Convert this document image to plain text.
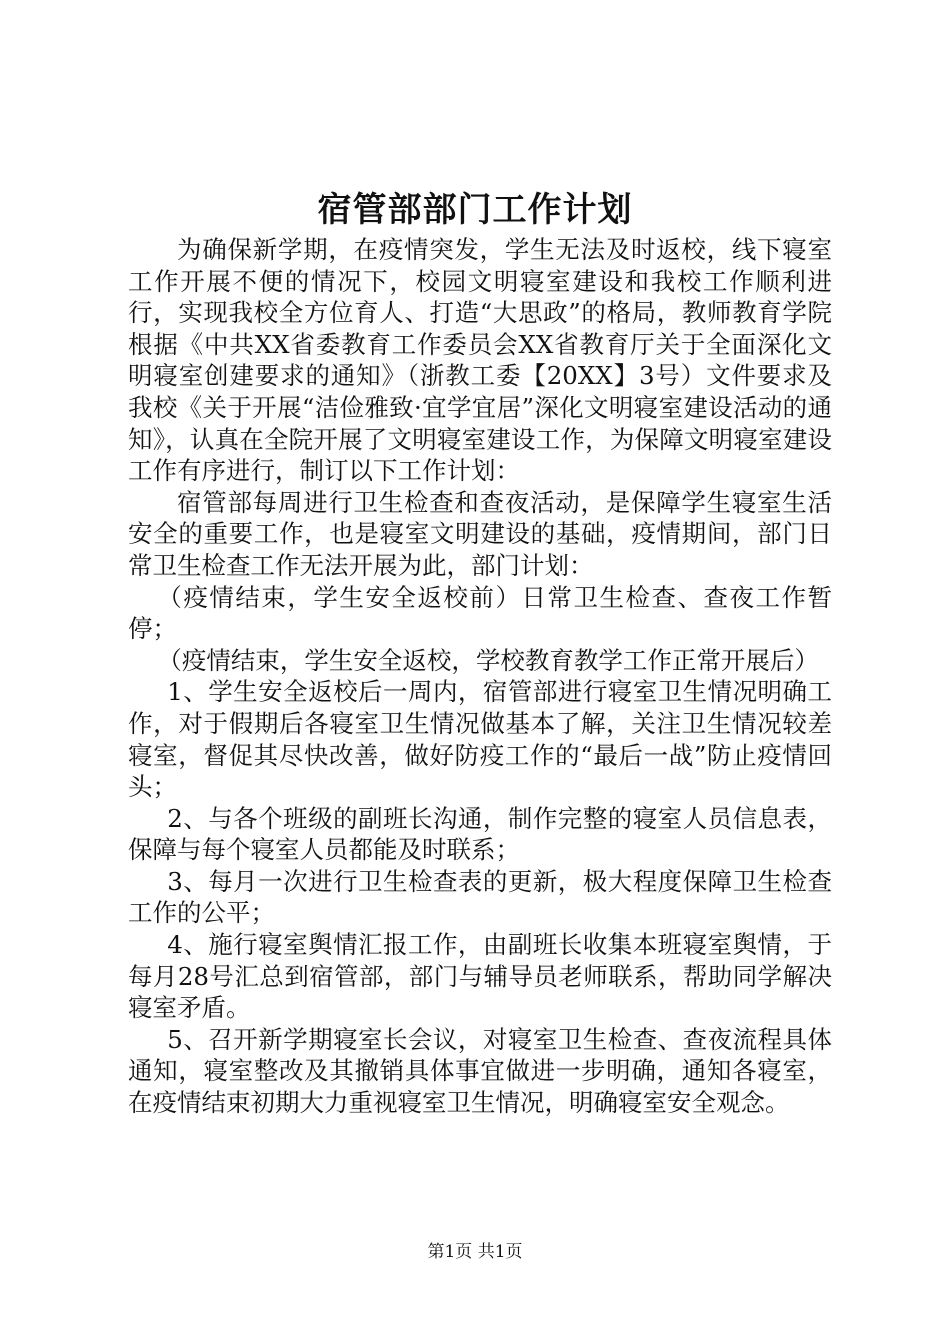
宿管部部门工作计划

为确保新学期，在疫情突发，学生无法及时返校，线下寝室工作开展不便的情况下，校园文明寝室建设和我校工作顺利进行，实现我校全方位育人、打造“大思政”的格局，教师教育学院根据《中共XX省委教育工作委员会XX省教育厅关于全面深化文明寝室创建要求的通知》（浙教工委【20XX】3号）文件要求及我校《关于开展“洁俭雅致·宜学宜居”深化文明寝室建设活动的通知》，认真在全院开展了文明寝室建设工作，为保障文明寝室建设工作有序进行，制订以下工作计划：

宿管部每周进行卫生检查和查夜活动，是保障学生寝室生活安全的重要工作，也是寝室文明建设的基础，疫情期间，部门日常卫生检查工作无法开展为此，部门计划：

（疫情结束，学生安全返校前）日常卫生检查、查夜工作暂停；

（疫情结束，学生安全返校，学校教育教学工作正常开展后）

1、学生安全返校后一周内，宿管部进行寝室卫生情况明确工作，对于假期后各寝室卫生情况做基本了解，关注卫生情况较差寝室，督促其尽快改善，做好防疫工作的“最后一战”防止疫情回头；

2、与各个班级的副班长沟通，制作完整的寝室人员信息表，保障与每个寝室人员都能及时联系；

3、每月一次进行卫生检查表的更新，极大程度保障卫生检查工作的公平；

4、施行寝室舆情汇报工作，由副班长收集本班寝室舆情，于每月28号汇总到宿管部，部门与辅导员老师联系，帮助同学解决寝室矛盾。

5、召开新学期寝室长会议，对寝室卫生检查、查夜流程具体通知，寝室整改及其撤销具体事宜做进一步明确，通知各寝室，在疫情结束初期大力重视寝室卫生情况，明确寝室安全观念。

第1页 共1页
